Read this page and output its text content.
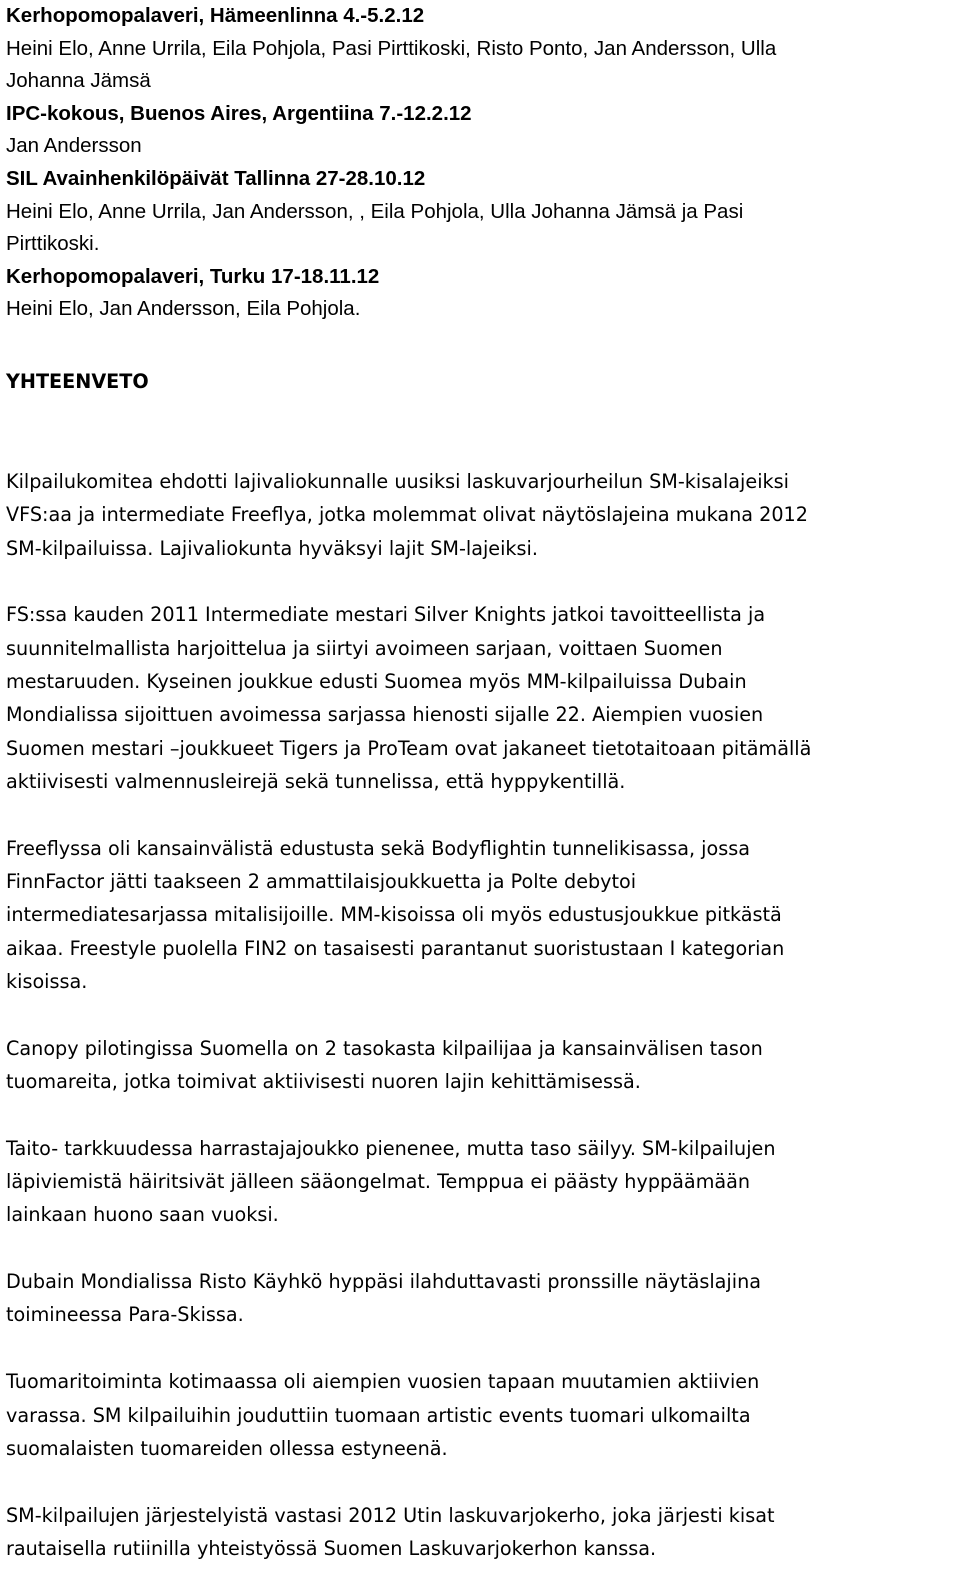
Kerhopomopalaveri, Hämeenlinna 4.-5.2.12
Heini Elo, Anne Urrila, Eila Pohjola, Pasi Pirttikoski, Risto Ponto, Jan Andersson, Ulla
Johanna Jämsä
IPC-kokous, Buenos Aires, Argentiina 7.-12.2.12
Jan Andersson
SIL Avainhenkilöpäivät Tallinna 27-28.10.12
Heini Elo, Anne Urrila, Jan Andersson, , Eila Pohjola, Ulla Johanna Jämsä ja Pasi
Pirttikoski.
Kerhopomopalaveri, Turku 17-18.11.12
Heini Elo, Jan Andersson, Eila Pohjola.
YHTEENVETO
Kilpailukomitea ehdotti lajivaliokunnalle uusiksi laskuvarjourheilun SM-kisalajeiksi
VFS:aa ja intermediate Freeflya, jotka molemmat olivat näytöslajeina mukana 2012
SM-kilpailuissa. Lajivaliokunta hyväksyi lajit SM-lajeiksi.
FS:ssa kauden 2011 Intermediate mestari Silver Knights jatkoi tavoitteellista ja
suunnitelmallista harjoittelua ja siirtyi avoimeen sarjaan, voittaen Suomen
mestaruuden. Kyseinen joukkue edusti Suomea myös MM-kilpailuissa Dubain
Mondialissa sijoittuen avoimessa sarjassa hienosti sijalle 22. Aiempien vuosien
Suomen mestari –joukkueet Tigers ja ProTeam ovat jakaneet tietotaitoaan pitämällä
aktiivisesti valmennusleirejä sekä tunnelissa, että hyppykentillä.
Freeflyssa oli kansainvälistä edustusta sekä Bodyflightin tunnelikisassa, jossa
FinnFactor jätti taakseen 2 ammattilaisjoukkuetta ja Polte debytoi
intermediatesarjassa mitalisijoille. MM-kisoissa oli myös edustusjoukkue pitkästä
aikaa. Freestyle puolella FIN2 on tasaisesti parantanut suoristustaan I kategorian
kisoissa.
Canopy pilotingissa Suomella on 2 tasokasta kilpailijaa ja kansainvälisen tason
tuomareita, jotka toimivat aktiivisesti nuoren lajin kehittämisessä.
Taito- tarkkuudessa harrastajajoukko pienenee, mutta taso säilyy. SM-kilpailujen
läpiviemistä häiritsivät jälleen sääongelmat. Temppua ei päästy hyppäämään
lainkaan huono saan vuoksi.
Dubain Mondialissa Risto Käyhkö hyppäsi ilahduttavasti pronssille näytäslajina
toimineessa Para-Skissa.
Tuomaritoiminta kotimaassa oli aiempien vuosien tapaan muutamien aktiivien
varassa. SM kilpailuihin jouduttiin tuomaan artistic events tuomari ulkomailta
suomalaisten tuomareiden ollessa estyneenä.
SM-kilpailujen järjestelyistä vastasi 2012 Utin laskuvarjokerho, joka järjesti kisat
rautaisella rutiinilla yhteistyössä Suomen Laskuvarjokerhon kanssa.
